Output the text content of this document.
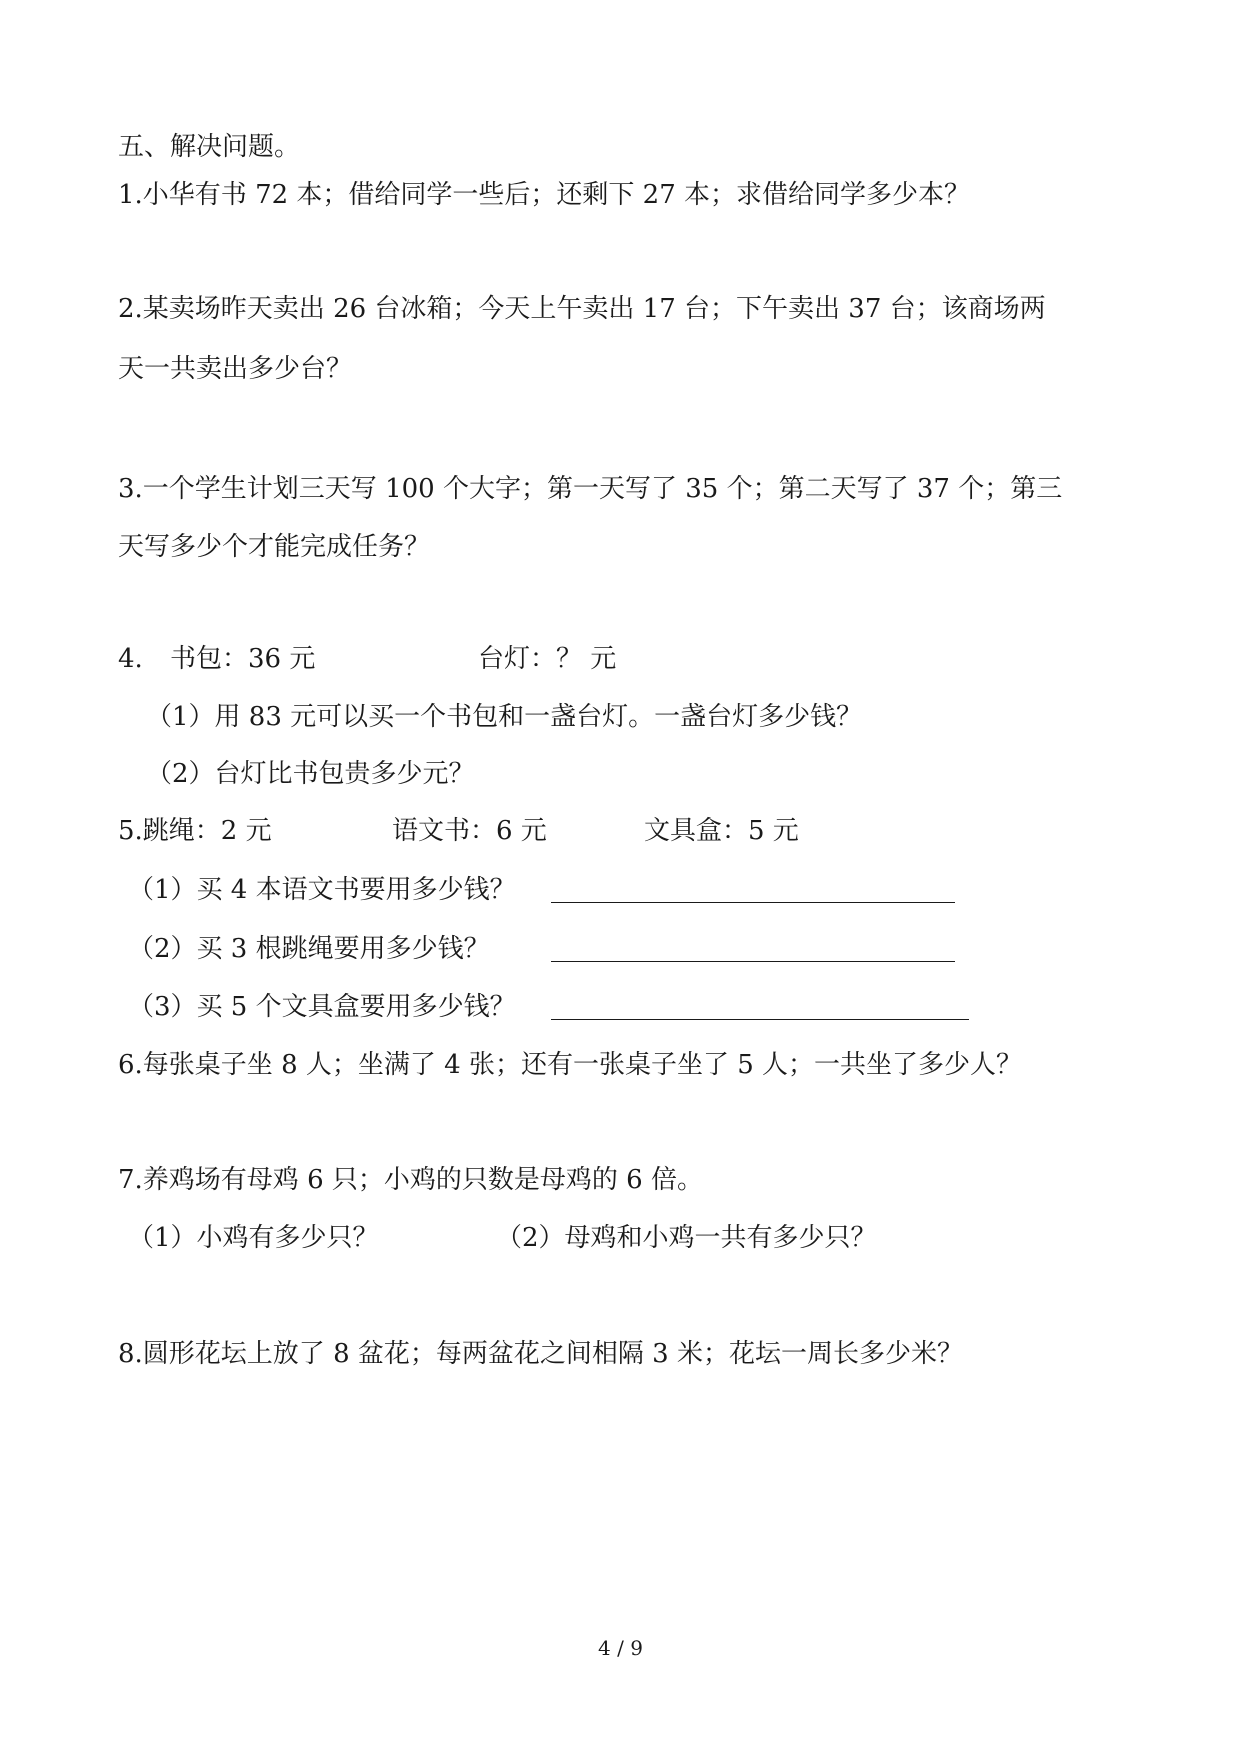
五、解决问题。
1.小华有书 72 本；借给同学一些后；还剩下 27 本；求借给同学多少本？
2.某卖场昨天卖出 26 台冰箱；今天上午卖出 17 台；下午卖出 37 台；该商场两
天一共卖出多少台？
3.一个学生计划三天写 100 个大字；第一天写了 35 个；第二天写了 37 个；第三
天写多少个才能完成任务？
4. 书包：36 元	台灯：？ 元
（1）用 83 元可以买一个书包和一盏台灯。一盏台灯多少钱？
（2）台灯比书包贵多少元？
5.跳绳：2 元	语文书：6 元	文具盒：5 元
（1）买 4 本语文书要用多少钱？
（2）买 3 根跳绳要用多少钱？
（3）买 5 个文具盒要用多少钱？
6.每张桌子坐 8 人；坐满了 4 张；还有一张桌子坐了 5 人；一共坐了多少人？
7.养鸡场有母鸡 6 只；小鸡的只数是母鸡的 6 倍。
（1）小鸡有多少只？	（2）母鸡和小鸡一共有多少只？
8.圆形花坛上放了 8 盆花；每两盆花之间相隔 3 米；花坛一周长多少米？
4 / 9
